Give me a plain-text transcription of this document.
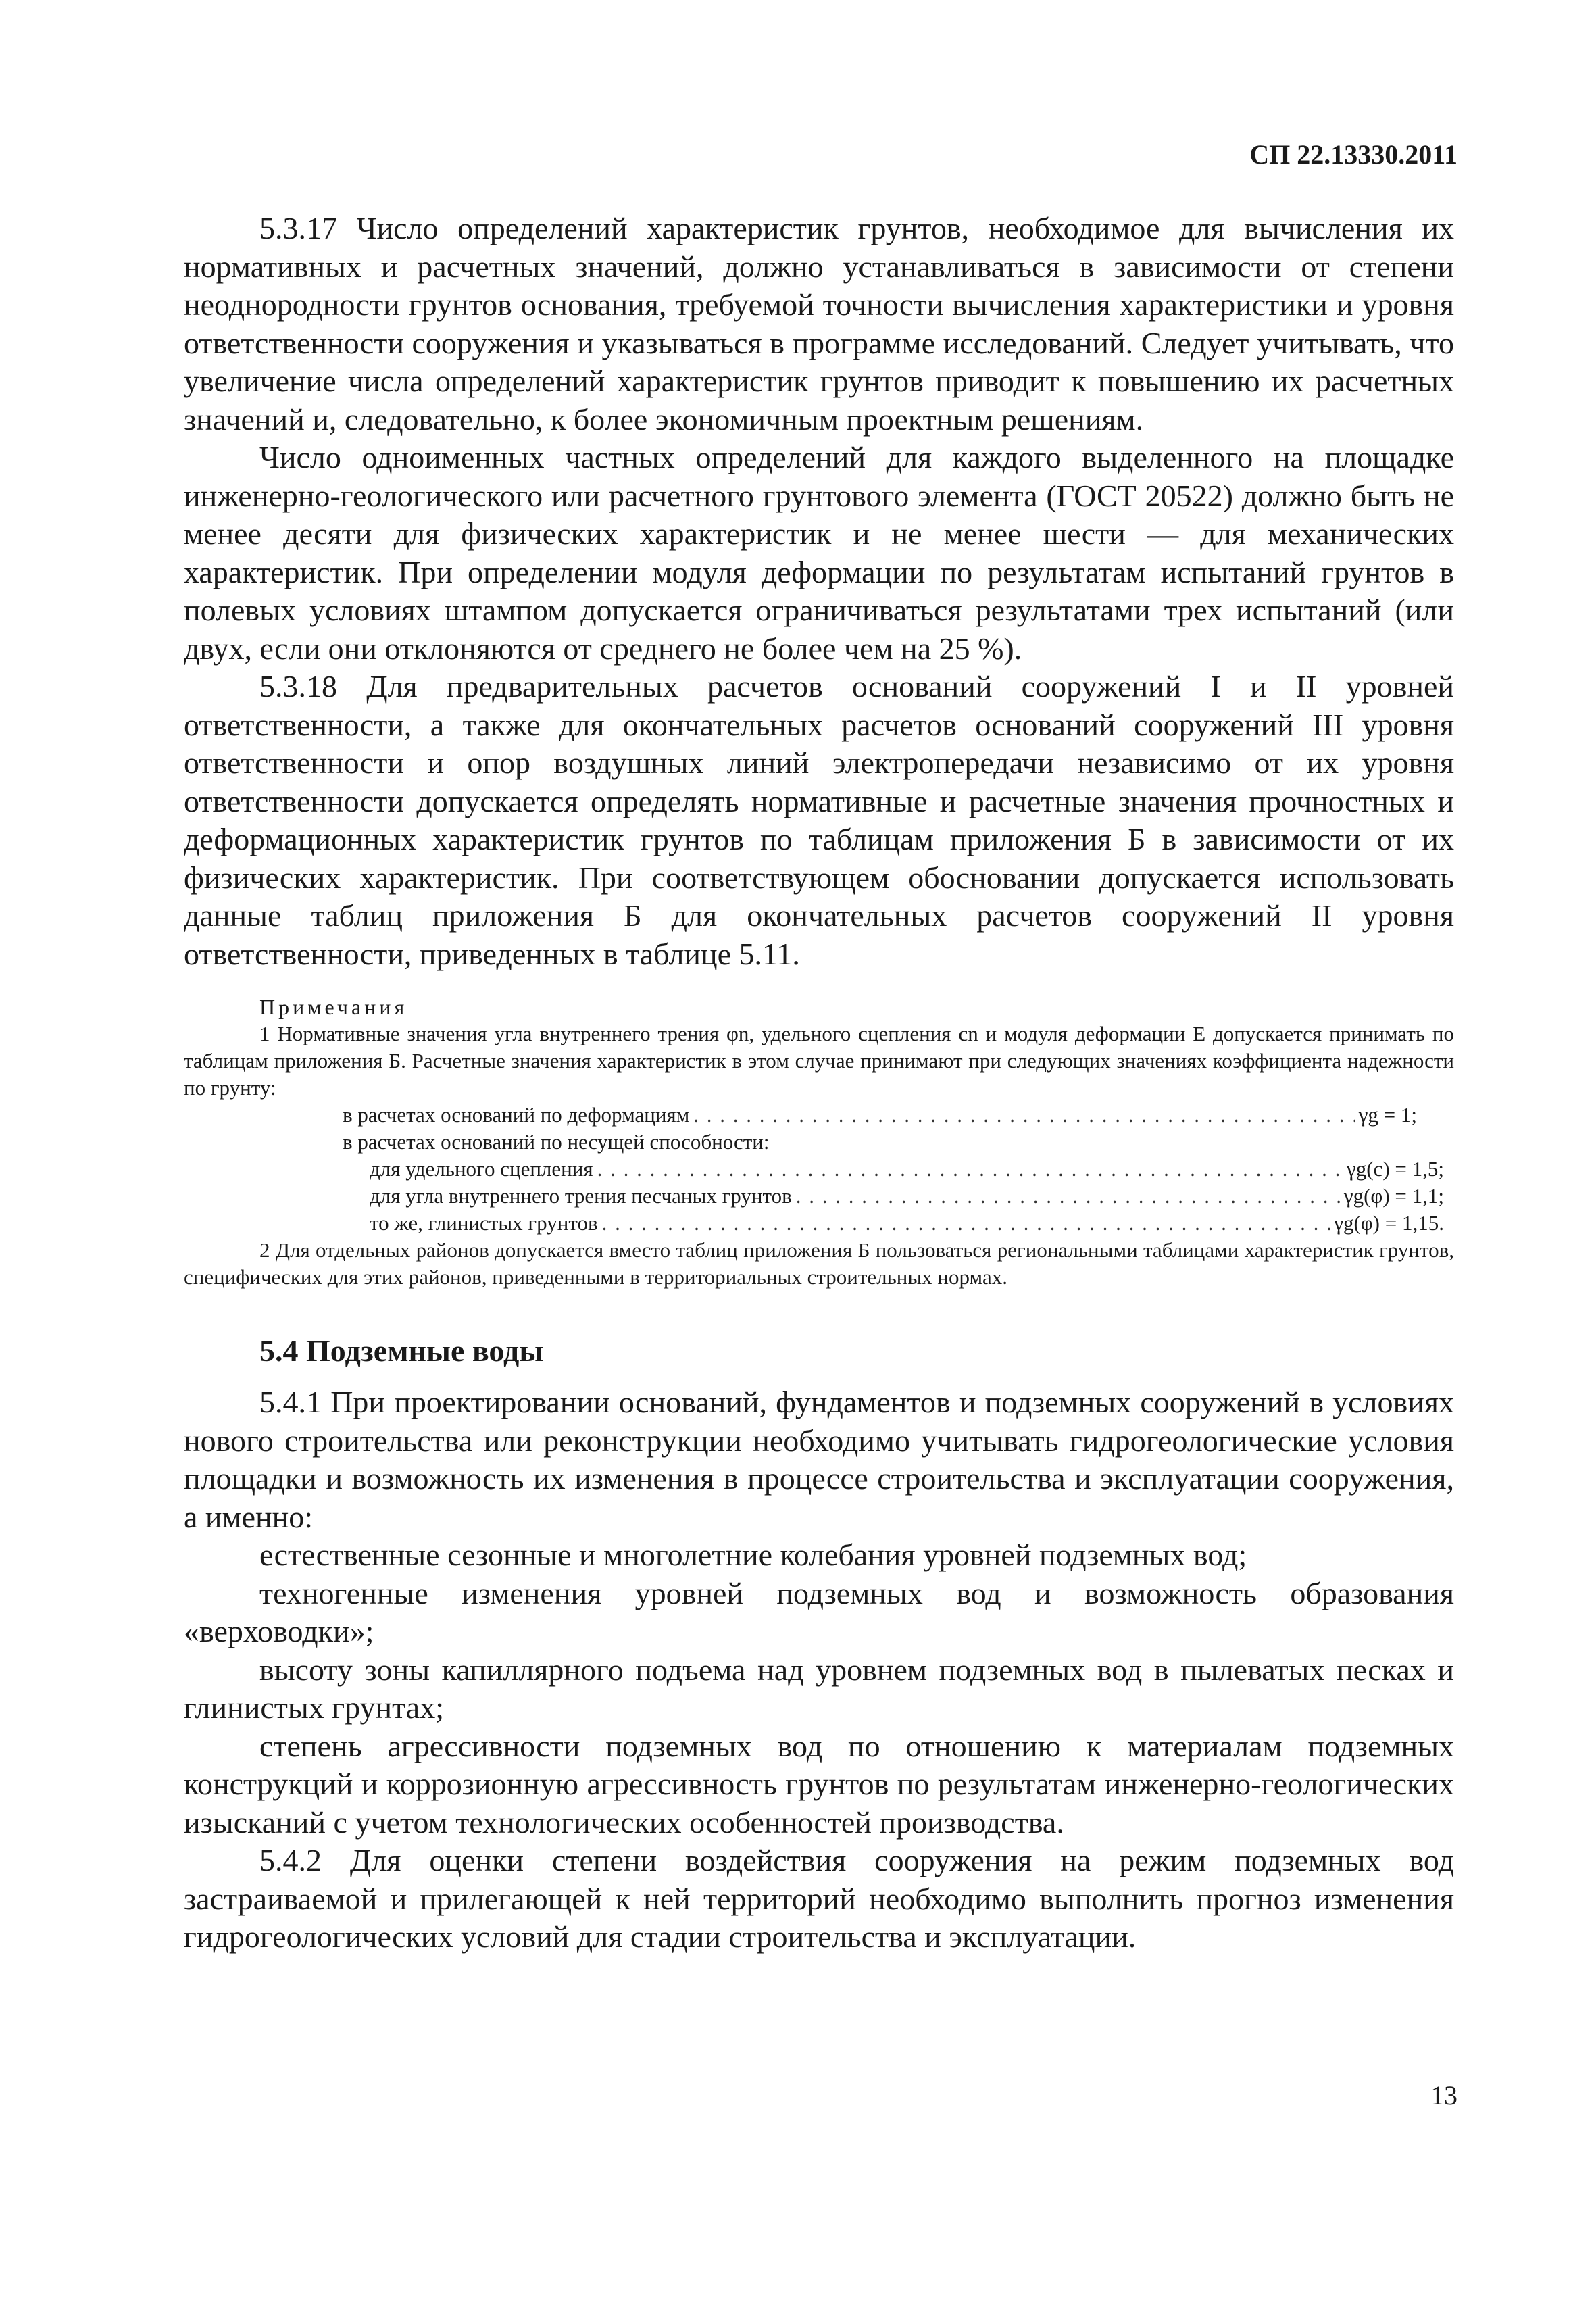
СП 22.13330.2011

5.3.17 Число определений характеристик грунтов, необходимое для вычисления их нормативных и расчетных значений, должно устанавливаться в зависимости от степени неоднородности грунтов основания, требуемой точности вычисления характеристики и уровня ответственности сооружения и указываться в программе исследований. Следует учитывать, что увеличение числа определений характеристик грунтов приводит к повышению их расчетных значений и, следовательно, к более экономичным проектным решениям.

Число одноименных частных определений для каждого выделенного на площадке инженерно-геологического или расчетного грунтового элемента (ГОСТ 20522) должно быть не менее десяти для физических характеристик и не менее шести — для механических характеристик. При определении модуля деформации по результатам испытаний грунтов в полевых условиях штампом допускается ограничиваться результатами трех испытаний (или двух, если они отклоняются от среднего не более чем на 25 %).

5.3.18 Для предварительных расчетов оснований сооружений I и II уровней ответственности, а также для окончательных расчетов оснований сооружений III уровня ответственности и опор воздушных линий электропередачи независимо от их уровня ответственности допускается определять нормативные и расчетные значения прочностных и деформационных характеристик грунтов по таблицам приложения Б в зависимости от их физических характеристик. При соответствующем обосновании допускается использовать данные таблиц приложения Б для окончательных расчетов сооружений II уровня ответственности, приведенных в таблице 5.11.

Примечания

1 Нормативные значения угла внутреннего трения φn, удельного сцепления cn и модуля деформации E допускается принимать по таблицам приложения Б. Расчетные значения характеристик в этом случае принимают при следующих значениях коэффициента надежности по грунту:

в расчетах оснований по деформациям . . .	γg = 1;

в расчетах оснований по несущей способности:

для удельного сцепления . . .	γg(c) = 1,5;
для угла внутреннего трения песчаных грунтов . . .	γg(φ) = 1,1;
то же, глинистых грунтов . . .	γg(φ) = 1,15.

2 Для отдельных районов допускается вместо таблиц приложения Б пользоваться региональными таблицами характеристик грунтов, специфических для этих районов, приведенными в территориальных строительных нормах.

5.4 Подземные воды

5.4.1 При проектировании оснований, фундаментов и подземных сооружений в условиях нового строительства или реконструкции необходимо учитывать гидрогеологические условия площадки и возможность их изменения в процессе строительства и эксплуатации сооружения, а именно:

естественные сезонные и многолетние колебания уровней подземных вод;

техногенные изменения уровней подземных вод и возможность образования «верховодки»;

высоту зоны капиллярного подъема над уровнем подземных вод в пылеватых песках и глинистых грунтах;

степень агрессивности подземных вод по отношению к материалам подземных конструкций и коррозионную агрессивность грунтов по результатам инженерно-геологических изысканий с учетом технологических особенностей производства.

5.4.2 Для оценки степени воздействия сооружения на режим подземных вод застраиваемой и прилегающей к ней территорий необходимо выполнить прогноз изменения гидрогеологических условий для стадии строительства и эксплуатации.

13
